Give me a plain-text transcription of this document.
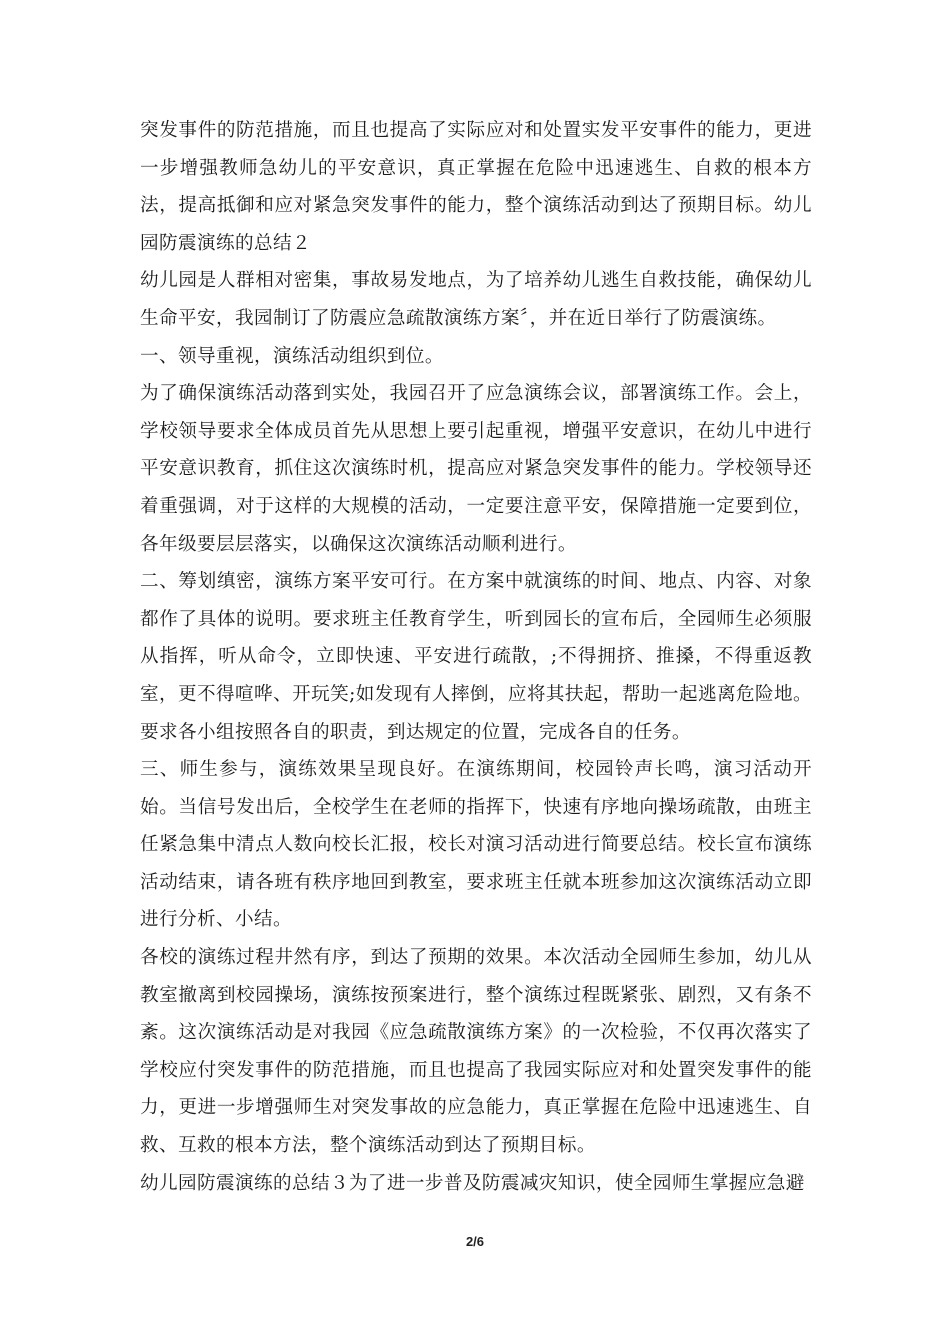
突发事件的防范措施，而且也提高了实际应对和处置实发平安事件的能力，更进一步增强教师急幼儿的平安意识，真正掌握在危险中迅速逃生、自救的根本方法，提高抵御和应对紧急突发事件的能力，整个演练活动到达了预期目标。幼儿园防震演练的总结２

幼儿园是人群相对密集，事故易发地点，为了培养幼儿逃生自救技能，确保幼儿生命平安，我园制订了防震应急疏散演练方案〞，并在近日举行了防震演练。

一、领导重视，演练活动组织到位。

为了确保演练活动落到实处，我园召开了应急演练会议，部署演练工作。会上，学校领导要求全体成员首先从思想上要引起重视，增强平安意识，在幼儿中进行平安意识教育，抓住这次演练时机，提高应对紧急突发事件的能力。学校领导还着重强调，对于这样的大规模的活动，一定要注意平安，保障措施一定要到位，各年级要层层落实，以确保这次演练活动顺利进行。

二、筹划缜密，演练方案平安可行。在方案中就演练的时间、地点、内容、对象都作了具体的说明。要求班主任教育学生，听到园长的宣布后，全园师生必须服从指挥，听从命令，立即快速、平安进行疏散，;不得拥挤、推搡，不得重返教室，更不得喧哗、开玩笑;如发现有人摔倒，应将其扶起，帮助一起逃离危险地。要求各小组按照各自的职责，到达规定的位置，完成各自的任务。

三、师生参与，演练效果呈现良好。在演练期间，校园铃声长鸣，演习活动开始。当信号发出后，全校学生在老师的指挥下，快速有序地向操场疏散，由班主任紧急集中清点人数向校长汇报，校长对演习活动进行简要总结。校长宣布演练活动结束，请各班有秩序地回到教室，要求班主任就本班参加这次演练活动立即进行分析、小结。

各校的演练过程井然有序，到达了预期的效果。本次活动全园师生参加，幼儿从教室撤离到校园操场，演练按预案进行，整个演练过程既紧张、剧烈，又有条不紊。这次演练活动是对我园《应急疏散演练方案》的一次检验，不仅再次落实了学校应付突发事件的防范措施，而且也提高了我园实际应对和处置突发事件的能力，更进一步增强师生对突发事故的应急能力，真正掌握在危险中迅速逃生、自救、互救的根本方法，整个演练活动到达了预期目标。

幼儿园防震演练的总结３为了进一步普及防震减灾知识，使全园师生掌握应急避

2/6
